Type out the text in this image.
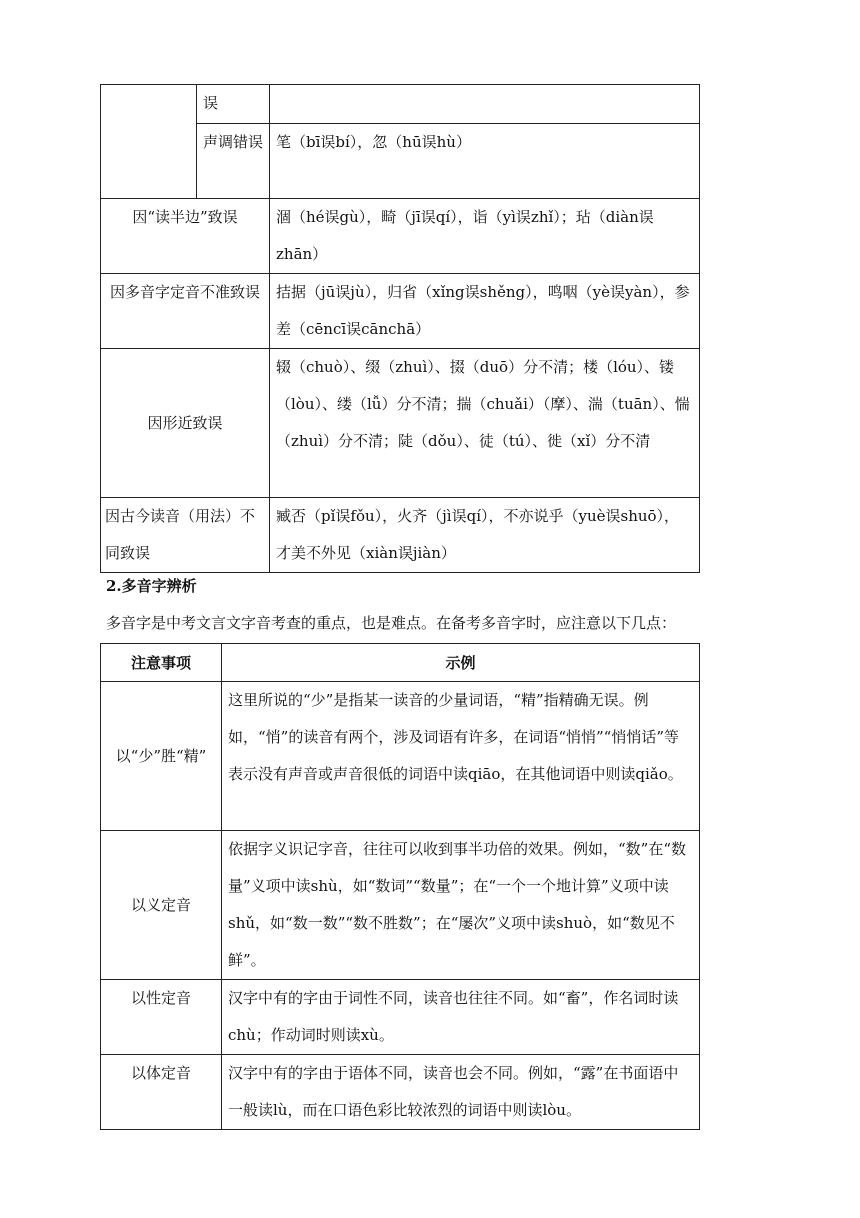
	误	

	声调错误	笔（bī误bí），忽（hū误hù）

因“读半边”致误		涸（hé误gù），畸（jī误qí），诣（yì误zhǐ）；玷（diàn误zhān）

因多音字定音不准致误		拮据（jū误jù），归省（xǐng误shěng），鸣咽（yè误yàn），参差（cēncī误cānchā）

因形近致误		辍（chuò）、缀（zhuì）、掇（duō）分不清；楼（lóu）、镂（lòu）、缕（lǚ）分不清；揣（chuǎi）（摩）、湍（tuān）、惴（zhuì）分不清；陡（dǒu）、徒（tú）、徙（xǐ）分不清

因古今读音（用法）不同致误		臧否（pǐ误fǒu），火齐（jì误qí），不亦说乎（yuè误shuō），才美不外见（xiàn误jiàn）
2.多音字辨析
多音字是中考文言文字音考查的重点，也是难点。在备考多音字时，应注意以下几点：
注意事项	示例

以“少”胜“精”	这里所说的“少”是指某一读音的少量词语，“精”指精确无误。例如，“悄”的读音有两个，涉及词语有许多，在词语“悄悄”“悄悄话”等表示没有声音或声音很低的词语中读qiāo，在其他词语中则读qiǎo。

以义定音	依据字义识记字音，往往可以收到事半功倍的效果。例如，“数”在“数量”义项中读shù，如“数词”“数量”；在“一个一个地计算”义项中读shǔ，如“数一数”“数不胜数”；在“屡次”义项中读shuò，如“数见不鲜”。

以性定音	汉字中有的字由于词性不同，读音也往往不同。如“畜”，作名词时读chù；作动词时则读xù。

以体定音	汉字中有的字由于语体不同，读音也会不同。例如，“露”在书面语中一般读lù，而在口语色彩比较浓烈的词语中则读lòu。
